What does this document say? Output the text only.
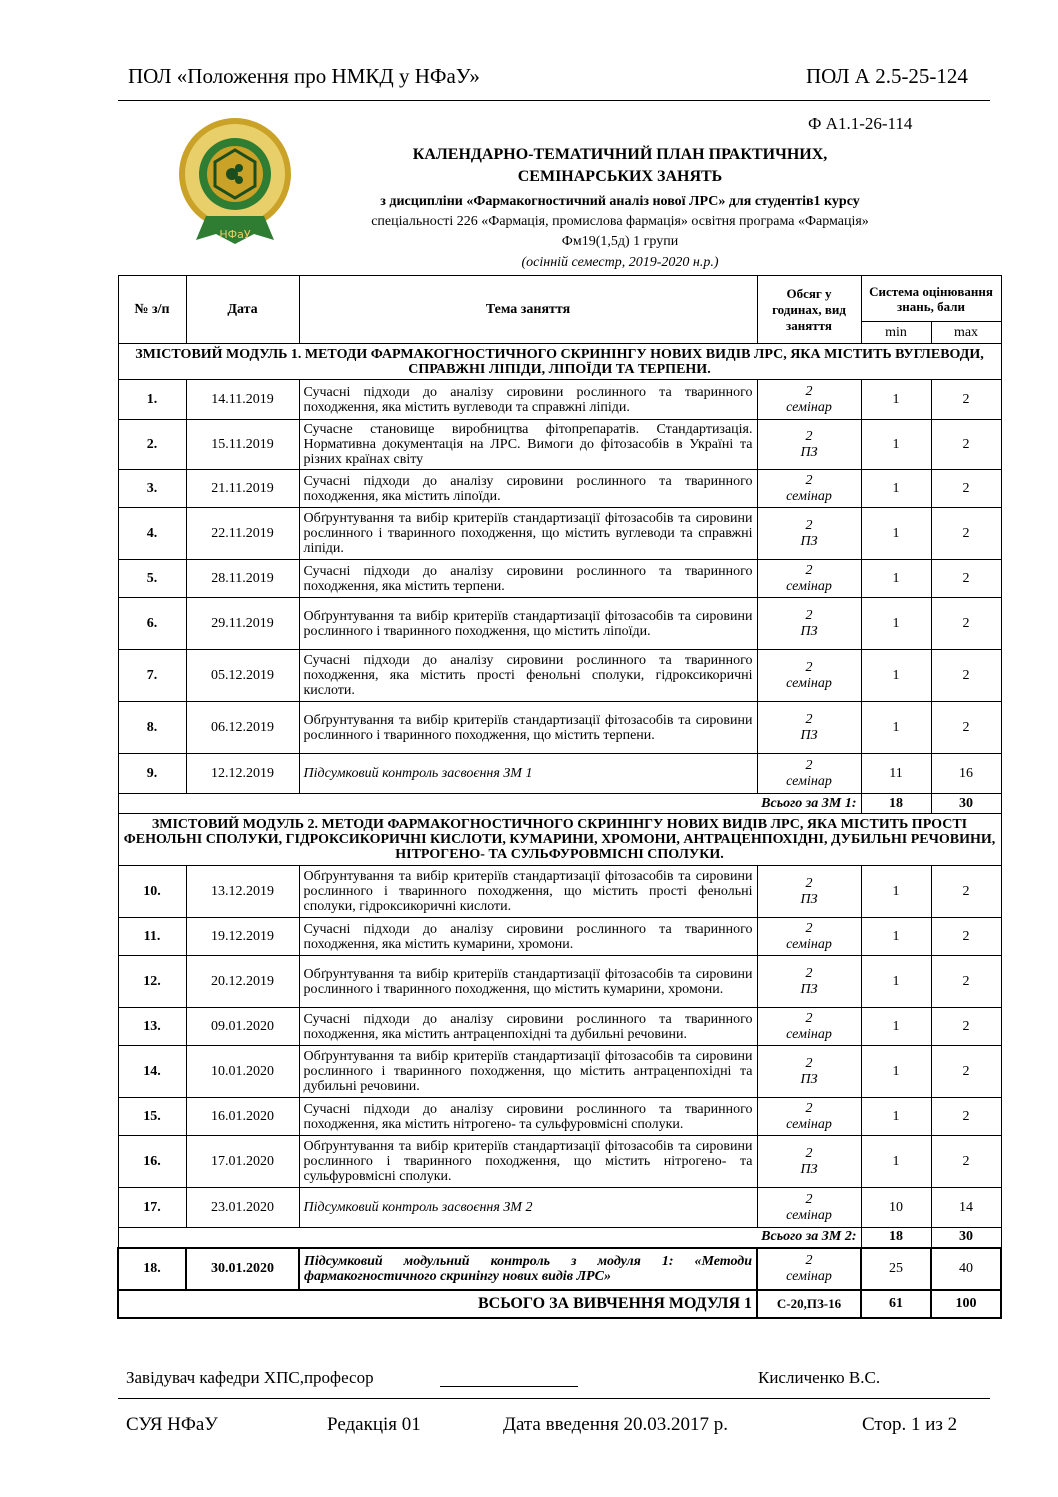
ПОЛ «Положення про НМКД у НФаУ»	ПОЛ А 2.5-25-124
Ф А1.1-26-114
НФаУ
КАЛЕНДАРНО-ТЕМАТИЧНИЙ ПЛАН ПРАКТИЧНИХ,
СЕМІНАРСЬКИХ ЗАНЯТЬ
з дисципліни «Фармакогностичний аналіз нової ЛРС» для студентів1 курсу
спеціальності 226 «Фармація, промислова фармація» освітня програма «Фармація»
Фм19(1,5д) 1 групи
(осінній семестр, 2019-2020 н.р.)
№ з/п	Дата	Тема заняття	Обсяг у годинах, вид заняття	Система оцінювання знань, бали	
				min	max
ЗМІСТОВИЙ МОДУЛЬ 1. МЕТОДИ ФАРМАКОГНОСТИЧНОГО СКРИНІНГУ НОВИХ ВИДІВ ЛРС, ЯКА МІСТИТЬ ВУГЛЕВОДИ, СПРАВЖНІ ЛІПІДИ, ЛІПОЇДИ ТА ТЕРПЕНИ.					
1.	14.11.2019	Сучасні підходи до аналізу сировини рослинного та тваринного походження, яка містить вуглеводи та справжні ліпіди.	2
семінар	1	2
2.	15.11.2019	Сучасне становище виробництва фітопрепаратів. Стандартизація. Нормативна документація на ЛРС. Вимоги до фітозасобів в Україні та різних країнах світу	2
ПЗ	1	2
3.	21.11.2019	Сучасні підходи до аналізу сировини рослинного та тваринного походження, яка містить ліпоїди.	2
семінар	1	2
4.	22.11.2019	Обґрунтування та вибір критеріїв стандартизації фітозасобів та сировини рослинного і тваринного походження, що містить вуглеводи та справжні ліпіди.	2
ПЗ	1	2
5.	28.11.2019	Сучасні підходи до аналізу сировини рослинного та тваринного походження, яка містить терпени.	2
семінар	1	2
6.	29.11.2019	Обґрунтування та вибір критеріїв стандартизації фітозасобів та сировини рослинного і тваринного походження, що містить ліпоїди.	2
ПЗ	1	2
7.	05.12.2019	Сучасні підходи до аналізу сировини рослинного та тваринного походження, яка містить прості фенольні сполуки, гідроксикоричні кислоти.	2
семінар	1	2
8.	06.12.2019	Обґрунтування та вибір критеріїв стандартизації фітозасобів та сировини рослинного і тваринного походження, що містить терпени.	2
ПЗ	1	2
9.	12.12.2019	Підсумковий контроль засвоєння ЗМ 1	2
семінар	11	16
Всього за ЗМ 1:				18	30
ЗМІСТОВИЙ МОДУЛЬ 2. МЕТОДИ ФАРМАКОГНОСТИЧНОГО СКРИНІНГУ НОВИХ ВИДІВ ЛРС, ЯКА МІСТИТЬ ПРОСТІ ФЕНОЛЬНІ СПОЛУКИ, ГІДРОКСИКОРИЧНІ КИСЛОТИ, КУМАРИНИ, ХРОМОНИ, АНТРАЦЕНПОХІДНІ, ДУБИЛЬНІ РЕЧОВИНИ, НІТРОГЕНО- ТА СУЛЬФУРОВМІСНІ СПОЛУКИ.					
10.	13.12.2019	Обґрунтування та вибір критеріїв стандартизації фітозасобів та сировини рослинного і тваринного походження, що містить прості фенольні сполуки, гідроксикоричні кислоти.	2
ПЗ	1	2
11.	19.12.2019	Сучасні підходи до аналізу сировини рослинного та тваринного походження, яка містить кумарини, хромони.	2
семінар	1	2
12.	20.12.2019	Обґрунтування та вибір критеріїв стандартизації фітозасобів та сировини рослинного і тваринного походження, що містить кумарини, хромони.	2
ПЗ	1	2
13.	09.01.2020	Сучасні підходи до аналізу сировини рослинного та тваринного походження, яка містить антраценпохідні та дубильні речовини.	2
семінар	1	2
14.	10.01.2020	Обґрунтування та вибір критеріїв стандартизації фітозасобів та сировини рослинного і тваринного походження, що містить антраценпохідні та дубильні речовини.	2
ПЗ	1	2
15.	16.01.2020	Сучасні підходи до аналізу сировини рослинного та тваринного походження, яка містить нітрогено- та сульфуровмісні сполуки.	2
семінар	1	2
16.	17.01.2020	Обґрунтування та вибір критеріїв стандартизації фітозасобів та сировини рослинного і тваринного походження, що містить нітрогено- та сульфуровмісні сполуки.	2
ПЗ	1	2
17.	23.01.2020	Підсумковий контроль засвоєння ЗМ 2	2
семінар	10	14
Всього за ЗМ 2:				18	30
18.	30.01.2020	Підсумковий модульний контроль з модуля 1: «Методи фармакогностичного скринінгу нових видів ЛРС»	2
семінар	25	40
ВСЬОГО ЗА ВИВЧЕННЯ МОДУЛЯ 1			С-20,ПЗ-16	61	100
Завідувач кафедри ХПС,професор	Кисличенко В.С.
СУЯ НФаУ	Редакція 01	Дата введення 20.03.2017 р.	Стор. 1 из 2
